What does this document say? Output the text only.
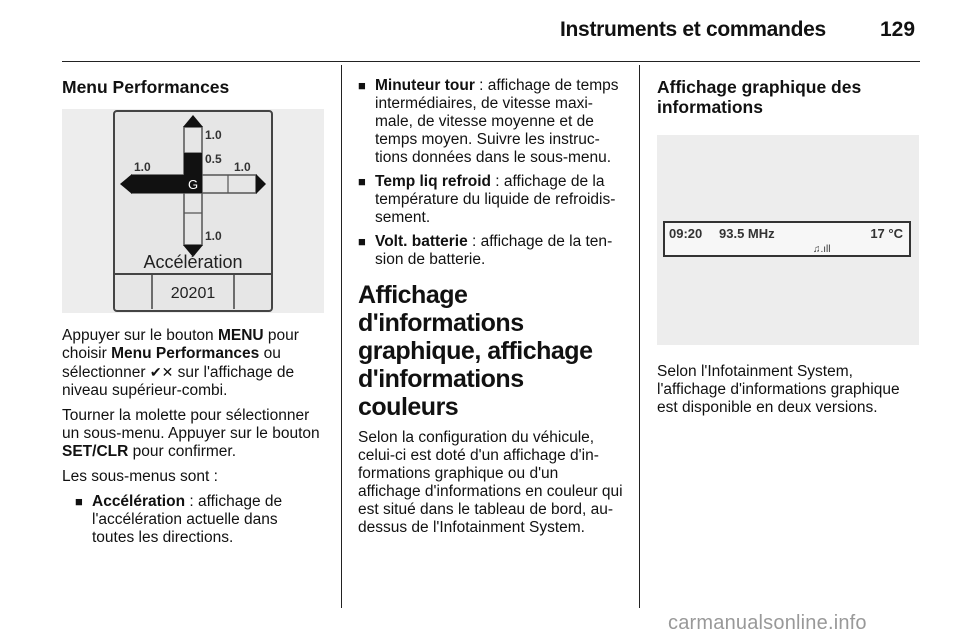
Instruments et commandes	129
Menu Performances
G
1.0
0.5
1.0	1.0
1.0
Accélération
20201

Appuyer sur le bouton MENU pour choisir Menu Performances ou sélectionner ✔✕ sur l'affichage de niveau supérieur-combi.

Tourner la molette pour sélectionner un sous-menu. Appuyer sur le bouton SET/CLR pour confirmer.

Les sous-menus sont :

■ Accélération : affichage de l'accélération actuelle dans toutes les directions.
■ Minuteur tour : affichage de temps intermédiaires, de vitesse maximale, de vitesse moyenne et de temps moyen. Suivre les instructions données dans le sous-menu.
■ Temp liq refroid : affichage de la température du liquide de refroidissement.
■ Volt. batterie : affichage de la tension de batterie.
Affichage d'informations graphique, affichage d'informations couleurs

Selon la configuration du véhicule, celui-ci est doté d'un affichage d'informations graphique ou d'un affichage d'informations en couleur qui est situé dans le tableau de bord, au-dessus de l'Infotainment System.

Affichage graphique des informations
09:20 93.5 MHz	17 °C
♫.ıll

Selon l'Infotainment System, l'affichage d'informations graphique est disponible en deux versions.

carmanualsonline.info
